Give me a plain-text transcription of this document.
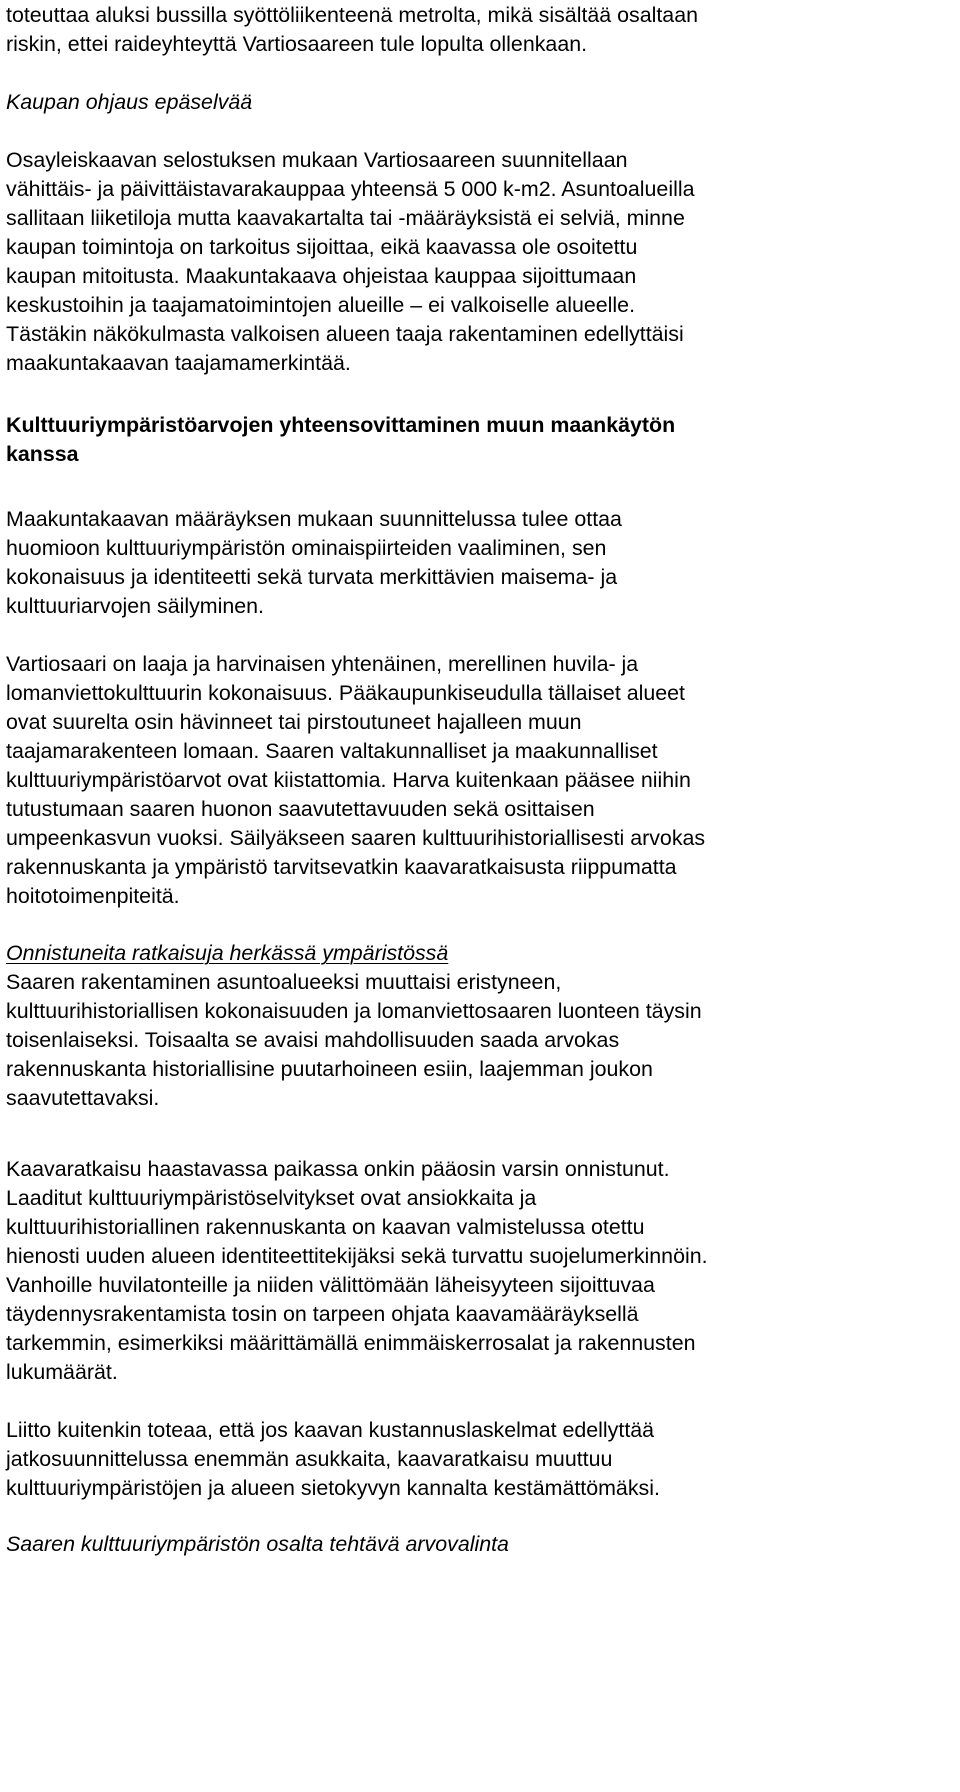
toteuttaa aluksi bussilla syöttöliikenteenä metrolta, mikä sisältää osaltaan
riskin, ettei raideyhteyttä Vartiosaareen tule lopulta ollenkaan.

Kaupan ohjaus epäselvää

Osayleiskaavan selostuksen mukaan Vartiosaareen suunnitellaan
vähittäis- ja päivittäistavarakauppaa yhteensä 5 000 k-m2. Asuntoalueilla
sallitaan liiketiloja mutta kaavakartalta tai -määräyksistä ei selviä, minne
kaupan toimintoja on tarkoitus sijoittaa, eikä kaavassa ole osoitettu
kaupan mitoitusta. Maakuntakaava ohjeistaa kauppaa sijoittumaan
keskustoihin ja taajamatoimintojen alueille – ei valkoiselle alueelle.
Tästäkin näkökulmasta valkoisen alueen taaja rakentaminen edellyttäisi
maakuntakaavan taajamamerkintää.

Kulttuuriympäristöarvojen yhteensovittaminen muun maankäytön
kanssa

Maakuntakaavan määräyksen mukaan suunnittelussa tulee ottaa
huomioon kulttuuriympäristön ominaispiirteiden vaaliminen, sen
kokonaisuus ja identiteetti sekä turvata merkittävien maisema- ja
kulttuuriarvojen säilyminen.

Vartiosaari on laaja ja harvinaisen yhtenäinen, merellinen huvila- ja
lomanviettokulttuurin kokonaisuus. Pääkaupunkiseudulla tällaiset alueet
ovat suurelta osin hävinneet tai pirstoutuneet hajalleen muun
taajamarakenteen lomaan. Saaren valtakunnalliset ja maakunnalliset
kulttuuriympäristöarvot ovat kiistattomia. Harva kuitenkaan pääsee niihin
tutustumaan saaren huonon saavutettavuuden sekä osittaisen
umpeenkasvun vuoksi. Säilyäkseen saaren kulttuurihistoriallisesti arvokas
rakennuskanta ja ympäristö tarvitsevatkin kaavaratkaisusta riippumatta
hoitotoimenpiteitä.

Onnistuneita ratkaisuja herkässä ympäristössä

Saaren rakentaminen asuntoalueeksi muuttaisi eristyneen,
kulttuurihistoriallisen kokonaisuuden ja lomanviettosaaren luonteen täysin
toisenlaiseksi. Toisaalta se avaisi mahdollisuuden saada arvokas
rakennuskanta historiallisine puutarhoineen esiin, laajemman joukon
saavutettavaksi.

Kaavaratkaisu haastavassa paikassa onkin pääosin varsin onnistunut.
Laaditut kulttuuriympäristöselvitykset ovat ansiokkaita ja
kulttuurihistoriallinen rakennuskanta on kaavan valmistelussa otettu
hienosti uuden alueen identiteettitekijäksi sekä turvattu suojelumerkinnöin.
Vanhoille huvilatonteille ja niiden välittömään läheisyyteen sijoittuvaa
täydennysrakentamista tosin on tarpeen ohjata kaavamääräyksellä
tarkemmin, esimerkiksi määrittämällä enimmäiskerrosalat ja rakennusten
lukumäärät.

Liitto kuitenkin toteaa, että jos kaavan kustannuslaskelmat edellyttää
jatkosuunnittelussa enemmän asukkaita, kaavaratkaisu muuttuu
kulttuuriympäristöjen ja alueen sietokyvyn kannalta kestämättömäksi.

Saaren kulttuuriympäristön osalta tehtävä arvovalinta
